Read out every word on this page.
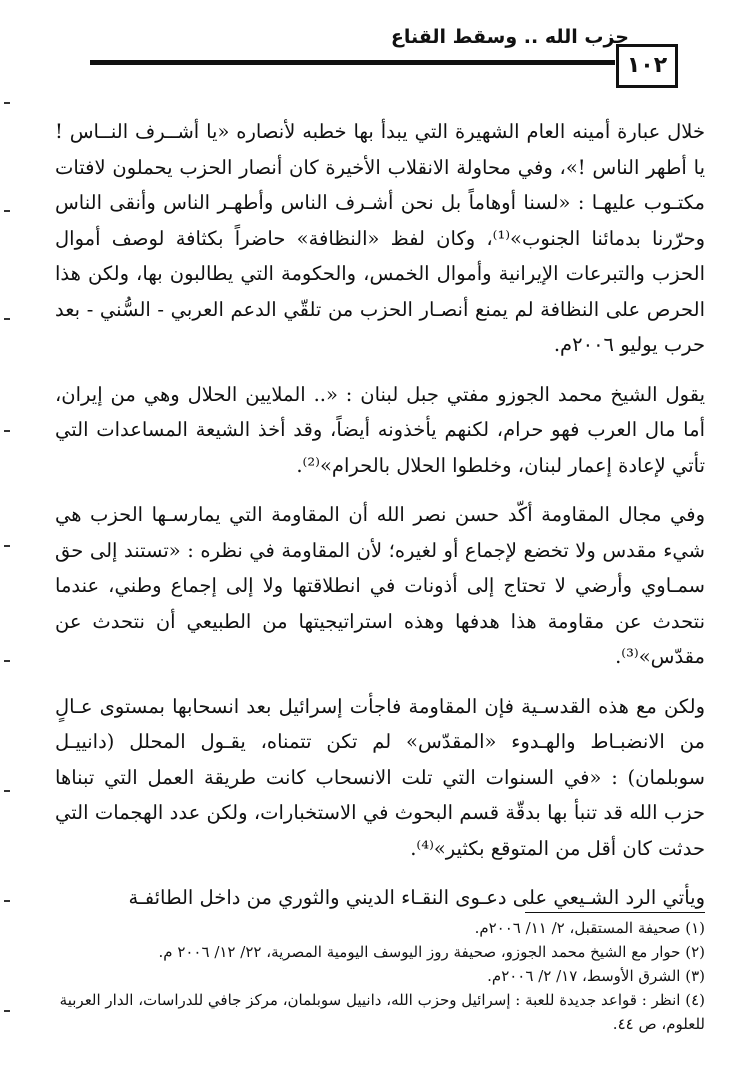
حزب الله .. وسقط القناع
١٠٢

خلال عبارة أمينه العام الشهيرة التي يبدأ بها خطبه لأنصاره «يا أشــرف النــاس ! يا أطهر الناس !»، وفي محاولة الانقلاب الأخيرة كان أنصار الحزب يحملون لافتات مكتـوب عليهـا : «لسنا أوهاماً بل نحن أشـرف الناس وأطهـر الناس وأنقى الناس وحرّرنا بدمائنا الجنوب»⁽¹⁾، وكان لفظ «النظافة» حاضراً بكثافة لوصف أموال الحزب والتبرعات الإيرانية وأموال الخمس، والحكومة التي يطالبون بها، ولكن هذا الحرص على النظافة لم يمنع أنصـار الحزب من تلقّي الدعم العربي - السُّني - بعد حرب يوليو ٢٠٠٦م.

يقول الشيخ محمد الجوزو مفتي جبل لبنان : «.. الملايين الحلال وهي من إيران، أما مال العرب فهو حرام، لكنهم يأخذونه أيضاً، وقد أخذ الشيعة المساعدات التي تأتي لإعادة إعمار لبنان، وخلطوا الحلال بالحرام»⁽²⁾.

وفي مجال المقاومة أكّد حسن نصر الله أن المقاومة التي يمارسـها الحزب هي شيء مقدس ولا تخضع لإجماع أو لغيره؛ لأن المقاومة في نظره : «تستند إلى حق سمـاوي وأرضي لا تحتاج إلى أذونات في انطلاقتها ولا إلى إجماع وطني، عندما نتحدث عن مقاومة هذا هدفها وهذه استراتيجيتها من الطبيعي أن نتحدث عن مقدّس»⁽³⁾.

ولكن مع هذه القدسـية فإن المقاومة فاجأت إسرائيل بعد انسحابها بمستوى عـالٍ من الانضبـاط والهـدوء «المقدّس» لم تكن تتمناه، يقـول المحلل (دانييـل سوبلمان) : «في السنوات التي تلت الانسحاب كانت طريقة العمل التي تبناها حزب الله قد تنبأ بها بدقّة قسم البحوث في الاستخبارات، ولكن عدد الهجمات التي حدثت كان أقل من المتوقع بكثير»⁽⁴⁾.

ويأتي الرد الشـيعي على دعـوى النقـاء الديني والثوري من داخل الطائفـة

(١) صحيفة المستقبل، ٢/ ١١/ ٢٠٠٦م.

(٢) حوار مع الشيخ محمد الجوزو، صحيفة روز اليوسف اليومية المصرية، ٢٢/ ١٢/ ٢٠٠٦ م.

(٣) الشرق الأوسط، ١٧/ ٢/ ٢٠٠٦م.

(٤) انظر : قواعد جديدة للعبة : إسرائيل وحزب الله، دانييل سوبلمان، مركز جافي للدراسات، الدار العربية للعلوم، ص ٤٤.
